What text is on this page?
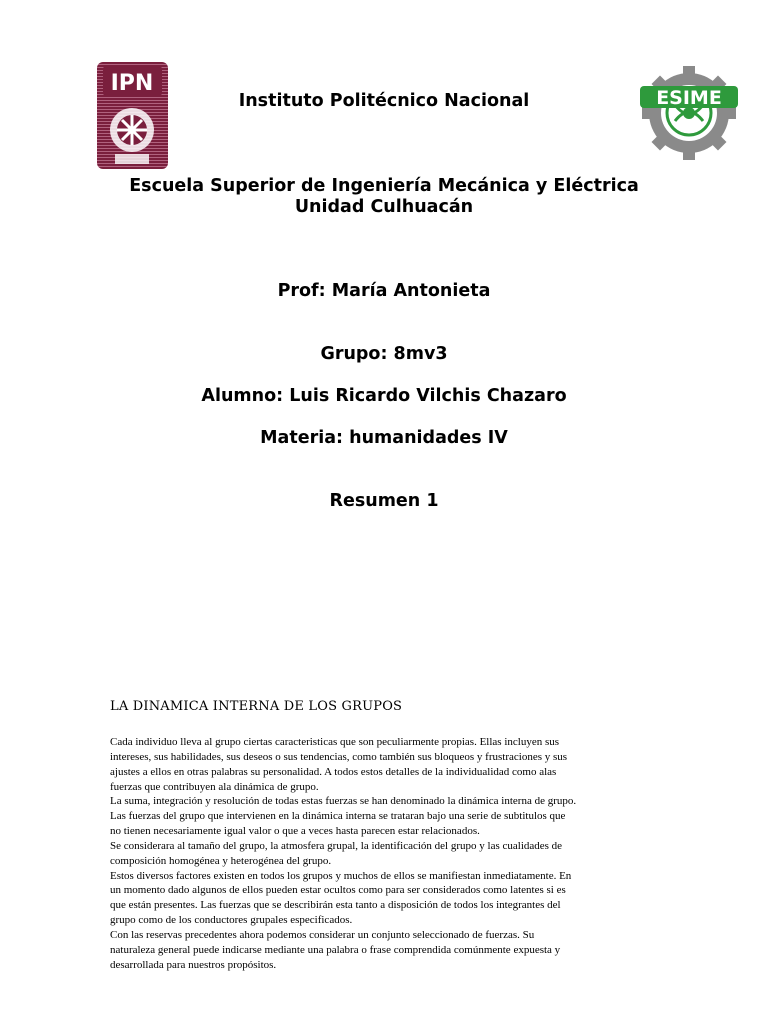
IPN
ESIME

Instituto Politécnico Nacional

Escuela Superior de Ingeniería Mecánica y Eléctrica

Unidad Culhuacán

Prof: María Antonieta

Grupo: 8mv3

Alumno: Luis Ricardo Vilchis Chazaro

Materia: humanidades IV

Resumen 1

LA DINAMICA INTERNA DE LOS GRUPOS

Cada individuo lleva al grupo ciertas caracteristicas que son peculiarmente propias. Ellas incluyen sus
intereses, sus habilidades, sus deseos o sus tendencias, como también sus bloqueos y frustraciones y sus
ajustes a ellos en otras palabras su personalidad. A todos estos detalles de la individualidad como alas
fuerzas que contribuyen ala dinámica de grupo.
La suma, integración y resolución de todas estas fuerzas se han denominado la dinámica interna de grupo.
Las fuerzas del grupo que intervienen en la dinámica interna se trataran bajo una serie de subtitulos que
no tienen necesariamente igual valor o que a veces hasta parecen estar relacionados.
Se considerara al tamaño del grupo, la atmosfera grupal, la identificación del grupo y las cualidades de
composición homogénea y heterogénea del grupo.
Estos diversos factores existen en todos los grupos y muchos de ellos se manifiestan inmediatamente. En
un momento dado algunos de ellos pueden estar ocultos como para ser considerados como latentes si es
que están presentes. Las fuerzas que se describirán esta tanto a disposición de todos los integrantes del
grupo como de los conductores grupales especificados.
Con las reservas precedentes ahora podemos considerar un conjunto seleccionado de fuerzas. Su
naturaleza general puede indicarse mediante una palabra o frase comprendida comúnmente expuesta y
desarrollada para nuestros propósitos.
